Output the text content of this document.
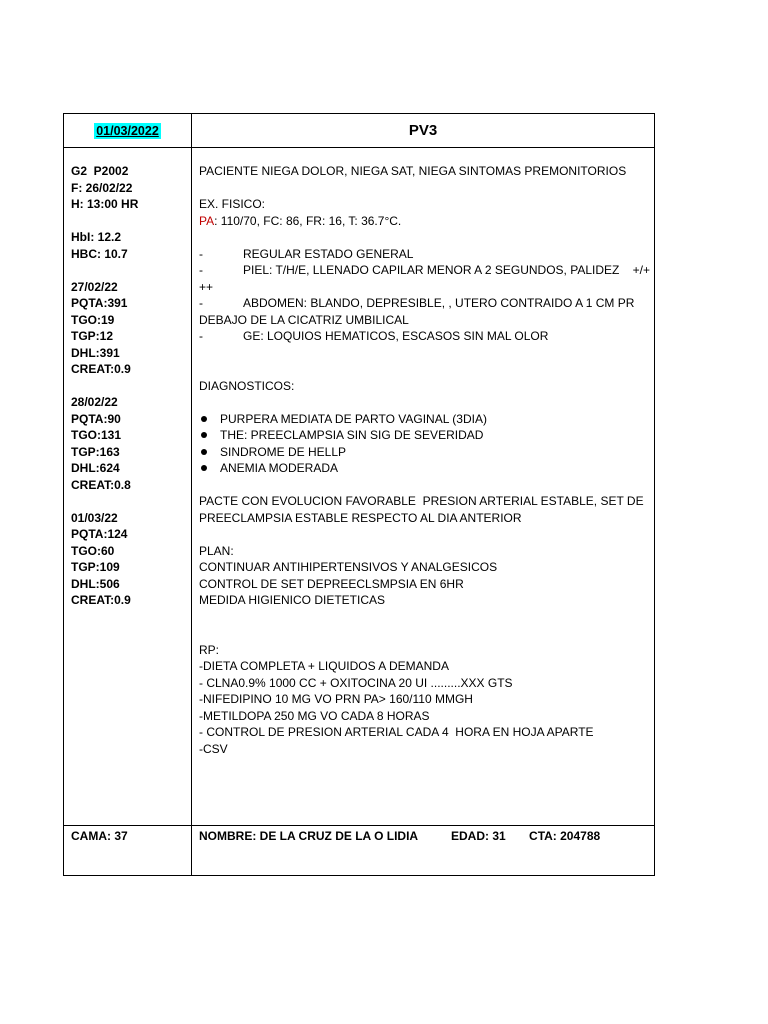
01/03/2022	PV3
G2  P2002
F: 26/02/22
H: 13:00 HR
HbI: 12.2
HBC: 10.7
27/02/22
PQTA:391
TGO:19
TGP:12
DHL:391
CREAT:0.9
28/02/22
PQTA:90
TGO:131
TGP:163
DHL:624
CREAT:0.8
01/03/22
PQTA:124
TGO:60
TGP:109
DHL:506
CREAT:0.9
PACIENTE NIEGA DOLOR, NIEGA SAT, NIEGA SINTOMAS PREMONITORIOS
EX. FISICO:
PA: 110/70, FC: 86, FR: 16, T: 36.7°C.
-	REGULAR ESTADO GENERAL
-	PIEL: T/H/E, LLENADO CAPILAR MENOR A 2 SEGUNDOS, PALIDEZ    +/+
++
-	ABDOMEN: BLANDO, DEPRESIBLE, , UTERO CONTRAIDO A 1 CM PR
DEBAJO DE LA CICATRIZ UMBILICAL
-	GE: LOQUIOS HEMATICOS, ESCASOS SIN MAL OLOR
DIAGNOSTICOS:
PURPERA MEDIATA DE PARTO VAGINAL (3DIA)
THE: PREECLAMPSIA SIN SIG DE SEVERIDAD
SINDROME DE HELLP
ANEMIA MODERADA
PACTE CON EVOLUCION FAVORABLE  PRESION ARTERIAL ESTABLE, SET DE
PREECLAMPSIA ESTABLE RESPECTO AL DIA ANTERIOR
PLAN:
CONTINUAR ANTIHIPERTENSIVOS Y ANALGESICOS
CONTROL DE SET DEPREECLSMPSIA EN 6HR
MEDIDA HIGIENICO DIETETICAS
RP:
-DIETA COMPLETA + LIQUIDOS A DEMANDA
- CLNA0.9% 1000 CC + OXITOCINA 20 UI .........XXX GTS
-NIFEDIPINO 10 MG VO PRN PA> 160/110 MMGH
-METILDOPA 250 MG VO CADA 8 HORAS
- CONTROL DE PRESION ARTERIAL CADA 4  HORA EN HOJA APARTE
-CSV
CAMA: 37	NOMBRE: DE LA CRUZ DE LA O LIDIA	EDAD: 31 CTA: 204788
